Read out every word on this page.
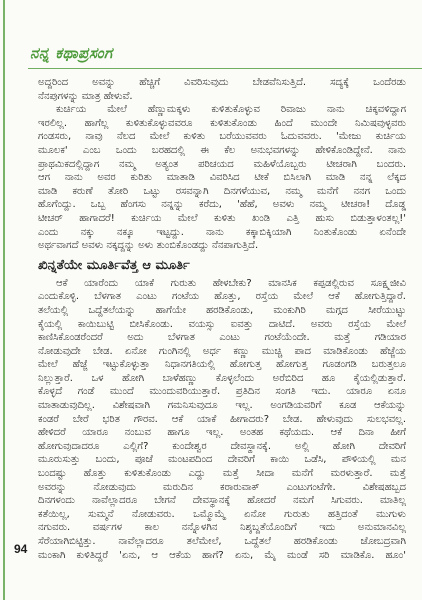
ನನ್ನ ಕಥಾಪ್ರಸಂಗ
ಅದ್ದರಿಂದ ಅವನ್ನು ಹೆಚ್ಚಿಗೆ ವಿವರಿಸುವುದು ಬೇಡವೆನಿಸುತ್ತಿದೆ. ಸದ್ಯಕ್ಕೆ ಒಂದೆರಡು
ನೆನಪುಗಳನ್ನು ಮಾತ್ರ ಹೇಳುವೆ.
ಕುರ್ಚಿಯ ಮೇಲೆ ಹೆಣ್ಣುಮಕ್ಕಳು ಕುಳಿತುಕೊಳ್ಳುವ ರಿವಾಜು ನಾನು ಚಿಕ್ಕವಳಿದ್ದಾಗ
ಇರಲಿಲ್ಲ. ಹಾಗೆಲ್ಲ ಕುಳಿತುಕೊಳ್ಳುವವರೂ ಕುಳಿತುಕೊಂಡು ಹಿಂದೆ ಮುಂದೇ ನಿಮಿಷವುಳ್ಳವರು
ಗಂಡಸರು, ನಾವು ನೆಲದ ಮೇಲೆ ಕುಳಿತು ಬರೆಯುವವರು ಓದುವವರು. 'ಮೇಜು ಕುರ್ಚಿಯ
ಮೂಲಕ' ಎಂಬ ಒಂದು ಬರಹದಲ್ಲಿ ಈ ಕೆಲ ಅನುಭವಗಳನ್ನು ಹೇಳಿಕೊಂಡಿದ್ದೇನೆ. ನಾನು
ಪ್ರಾಥಮಿಕದಲ್ಲಿದ್ದಾಗ ನಮ್ಮ ಅತ್ಯಂತ ಪರಿಚಯದ ಮಹಿಳೆಯೊಬ್ಬರು ಟೀಚರಾಗಿ ಬಂದರು.
ಆಗ ನಾನು ಅವರ ಕುರಿತು ಮಾತಾಡಿ ವಿವರಿಸಿದ ಟೀಕೆ ಬಿಸಿಲಾಗಿ ಮಾಡಿ ನನ್ನ ಲೆಕ್ಕದ
ಮಾಡಿ ಕರುಣೆ ತೋರಿ ಒಟ್ಟು ರಸವನ್ನಾಗಿ ದಿನಗಳೆಯುವ, ನಮ್ಮ ಮನೆಗೆ ನನಗ ಒಂದು
ಹೊಗೆಂದ್ದು. ಒಬ್ಬ ಹೆಂಗಸು ನನ್ನನ್ನು ಕರೆದು, 'ಹೆಹೆ, ಅವಳು ನಮ್ಮ ಟೀಚರಾ! ದೊಡ್ಡ
ಟೀಚರ್ ಹಾಗಾದರೆ! ಕುರ್ಚಿಯ ಮೇಲೆ ಕುಳಿತು ಖಂಡಿ ಎತ್ತಿ ಹುಸು ಬಿಡುತ್ತಾಳಂತಲ್ಲ!'
ಎಂದು ನಕ್ಕು ನಕ್ಕೂ ಇಟ್ಟದ್ದು. ನಾನು ಕಕ್ಕಾಬಿಕ್ಕಿಯಾಗಿ ನಿಂತುಕೊಂಡು ಏನೆಂದೇ
ಅರ್ಥವಾಗದೆ ಅವಳು ನಕ್ಕದ್ದನ್ನು ಅಳು ತುಂಬಿಕೊಂಡದ್ದು ನೆನಪಾಗುತ್ತಿದೆ.
ಖಿನ್ನತೆಯೇ ಮೂರ್ತಿವೆತ್ತ ಆ ಮೂರ್ತಿ
ಆಕೆ ಯಾರೆಂದು ಯಾಕೆ ಗುರುತು ಹೇಳಬೇಕು? ಮಾನಸಿಕ ಕಪ್ಪಡಲ್ಲಿರುವ ಸೂಕ್ಷ್ಮಜೀವಿ
ಎಂದುಕೊಳ್ಳಿ. ಬೆಳಗಾತ ಎಂಟು ಗಂಟೆಯ ಹೊತ್ತು, ರಸ್ತೆಯ ಮೇಲೆ ಆಕೆ ಹೋಗುತ್ತಿದ್ದಾರೆ.
ತಲೆಯಲ್ಲಿ ಒದ್ದೆತಲೆಯನ್ನು ಹಾಗೆಯೇ ಹರಡಿಕೊಂಡು, ಮಂಕುಗಿರಿ ಮಗ್ಗದ ಸೀರೆಯುಟ್ಟು
ಕೈಯಲ್ಲಿ ಕಾಯಿಬುಟ್ಟಿ ಬೀಸಿಕೊಂಡು. ವಯಸ್ಸು ಐವತ್ತು ದಾಟಿದೆ. ಅವರು ರಸ್ತೆಯ ಮೇಲೆ
ಕಾಣಿಸಿಕೊಂಡರೆಂದರೆ ಅದು ಬೆಳಗಾತ ಎಂಟು ಗಂಟೆಯೆಂದೇ. ಮತ್ತೆ ಗಡಿಯಾರ
ನೋಡುವುದೇ ಬೇಡ. ಏನೋ ಗುಂಗಿನಲ್ಲಿ ಅರ್ಧ ಕಣ್ಣು ಮುಚ್ಚಿ ಪಾದ ಮಾಡಿಕೊಂಡು ಹೆಜ್ಜೆಯ
ಮೇಲೆ ಹೆಜ್ಜೆ ಇಟ್ಟುಕೊಳ್ಳುತ್ತಾ ನಿಧಾನಗತಿಯಲ್ಲಿ ಹೋಗುತ್ತ ಹೋಗುತ್ತ ಗೂಡಂಗಡಿ ಬರುತ್ತಲೂ
ನಿಲ್ಲುತ್ತಾರೆ. ಒಳ ಹೋಗಿ ಬಾಳೆಹಣ್ಣು ಕೊಳ್ಳಲೆಂದು ಅರೆಬಿರಿದ ಹೂ ಕೈಯಲ್ಲಿಡುತ್ತಾರೆ.
ಕೊಳ್ಳದೆ ಗಂಡೆ ಮುಂದೆ ಮುಂದುವರಿಯುತ್ತಾರೆ. ಪ್ರತಿದಿನ ಸಂಗತಿ ಇದು. ಯಾರೂ ಏನೂ
ಮಾತಾಡುವುದಿಲ್ಲ. ವಿಶೇಷವಾಗಿ ಗಮನಿಸುವುದೂ ಇಲ್ಲ. ಅಂಗಡಿಯವರಿಗೆ ಕೂಡ ಆಕೆಯನ್ನು
ಕಂಡರೆ ಬೇರೆ ಭರಿತ ಗೌರವ. ಆಕೆ ಯಾಕೆ ಹೀಗಾದರು? ಬೇಡ. ಹೇಳುವುದು ಸುಲಭವಲ್ಲ.
ಹೇಳಿದರೆ ಯಾರೂ ನಂಬುವ ಹಾಗೂ ಇಲ್ಲ. ಅಂತಹ ಕಥೆಯದು. ಆಕೆ ದಿನಾ ಹೀಗೆ
ಹೋಗುವುದಾದರೂ ಎಲ್ಲಿಗೆ? ಕುಂದೇಶ್ವರ ದೇವಸ್ಥಾನಕ್ಕೆ. ಅಲ್ಲಿ ಹೋಗಿ ದೇವರಿಗೆ
ಮೂರುಸುತ್ತು ಬಂದು, ಪೂಜೆ ಮಂಟಪದಿಂದ ದೇವರಿಗೆ ಕಾಯಿ ಒಡೆಸಿ, ಪೌಳಿಯಲ್ಲಿ ಮನ
ಬಂದಷ್ಟು ಹೊತ್ತು ಕುಳಿತುಕೊಂಡು ಎದ್ದು ಮತ್ತೆ ಸೀದಾ ಮನೆಗೆ ಮರಳುತ್ತಾರೆ. ಮತ್ತೆ
ಅವರನ್ನು ನೋಡುವುದು ಮರುದಿನ ಕರಾರುವಾಕ್ ಎಂಟುಗಂಟೆಗೇ. ವಿಶೇಷಹಬ್ಬದ
ದಿನಗಳಂದು ನಾವೆಲ್ಲಾದರೂ ಬೇಗನೆ ದೇವಸ್ಥಾನಕ್ಕೆ ಹೋದರೆ ನಮಗೆ ಸಿಗುವರು. ಮಾತಿಲ್ಲ
ಕತೆಯಿಲ್ಲ, ಸುಮ್ಮನೆ ನೋಡುವರು. ಒಮ್ಮೊಮ್ಮೆ ಏನೋ ಗುರುತು ಹತ್ತಿದಂತೆ ಮುಗುಳು
ನಗುವರು. ವರ್ಷಗಳ ಕಾಲ ನನ್ನೊಳಗಿನ ನಿಶ್ಶಬ್ದತೆಯೊಂದಿಗೆ ಇದು ಅನುಮಾನವಿಲ್ಲ
ಸೆರೆಯಾಗಿಬಿಟ್ಟಿತ್ತು. ನಾವೆಲ್ಲಾದರೂ ತಲೆಮೇಲೆ, ಒದ್ದೆತಲೆ ಹರಡಿಕೊಂಡು ಜೋಬದ್ರವಾಗಿ
ಮಂಕಾಗಿ ಕುಳಿತಿದ್ದರೆ 'ಏನು, ಆ ಆಕೆಯ ಹಾಗೆ? ಏನು, ಮೈ ಮಂಡೆ ಸರಿ ಮಾಡಿಕೊ. ಹೂಂ'
94
